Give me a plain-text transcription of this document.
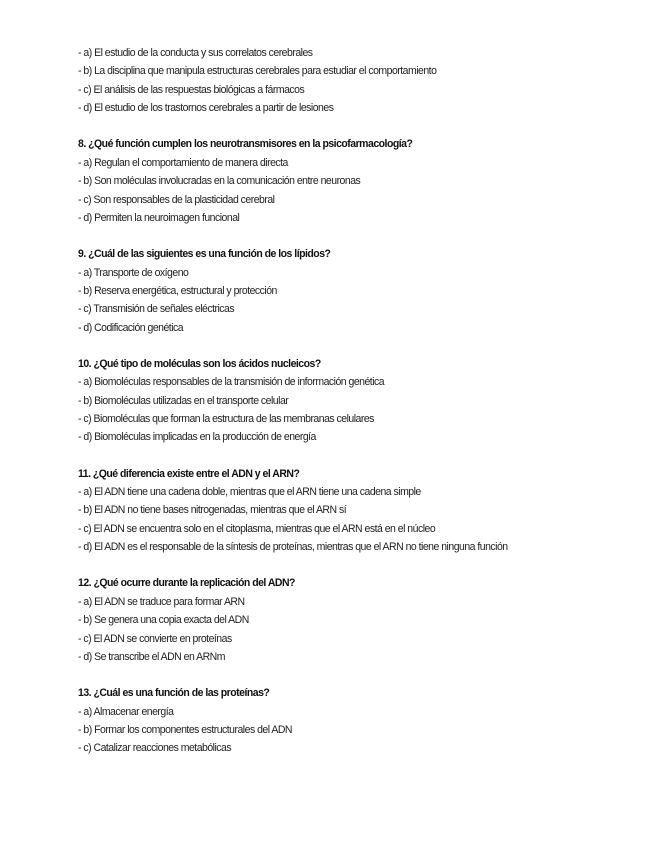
- a) El estudio de la conducta y sus correlatos cerebrales
- b) La disciplina que manipula estructuras cerebrales para estudiar el comportamiento
- c) El análisis de las respuestas biológicas a fármacos
- d) El estudio de los trastornos cerebrales a partir de lesiones
8. ¿Qué función cumplen los neurotransmisores en la psicofarmacología?
- a) Regulan el comportamiento de manera directa
- b) Son moléculas involucradas en la comunicación entre neuronas
- c) Son responsables de la plasticidad cerebral
- d) Permiten la neuroimagen funcional
9. ¿Cuál de las siguientes es una función de los lípidos?
- a) Transporte de oxígeno
- b) Reserva energética, estructural y protección
- c) Transmisión de señales eléctricas
- d) Codificación genética
10. ¿Qué tipo de moléculas son los ácidos nucleicos?
- a) Biomoléculas responsables de la transmisión de información genética
- b) Biomoléculas utilizadas en el transporte celular
- c) Biomoléculas que forman la estructura de las membranas celulares
- d) Biomoléculas implicadas en la producción de energía
11. ¿Qué diferencia existe entre el ADN y el ARN?
- a) El ADN tiene una cadena doble, mientras que el ARN tiene una cadena simple
- b) El ADN no tiene bases nitrogenadas, mientras que el ARN sí
- c) El ADN se encuentra solo en el citoplasma, mientras que el ARN está en el núcleo
- d) El ADN es el responsable de la síntesis de proteínas, mientras que el ARN no tiene ninguna función
12. ¿Qué ocurre durante la replicación del ADN?
- a) El ADN se traduce para formar ARN
- b) Se genera una copia exacta del ADN
- c) El ADN se convierte en proteínas
- d) Se transcribe el ADN en ARNm
13. ¿Cuál es una función de las proteínas?
- a) Almacenar energía
- b) Formar los componentes estructurales del ADN
- c) Catalizar reacciones metabólicas
